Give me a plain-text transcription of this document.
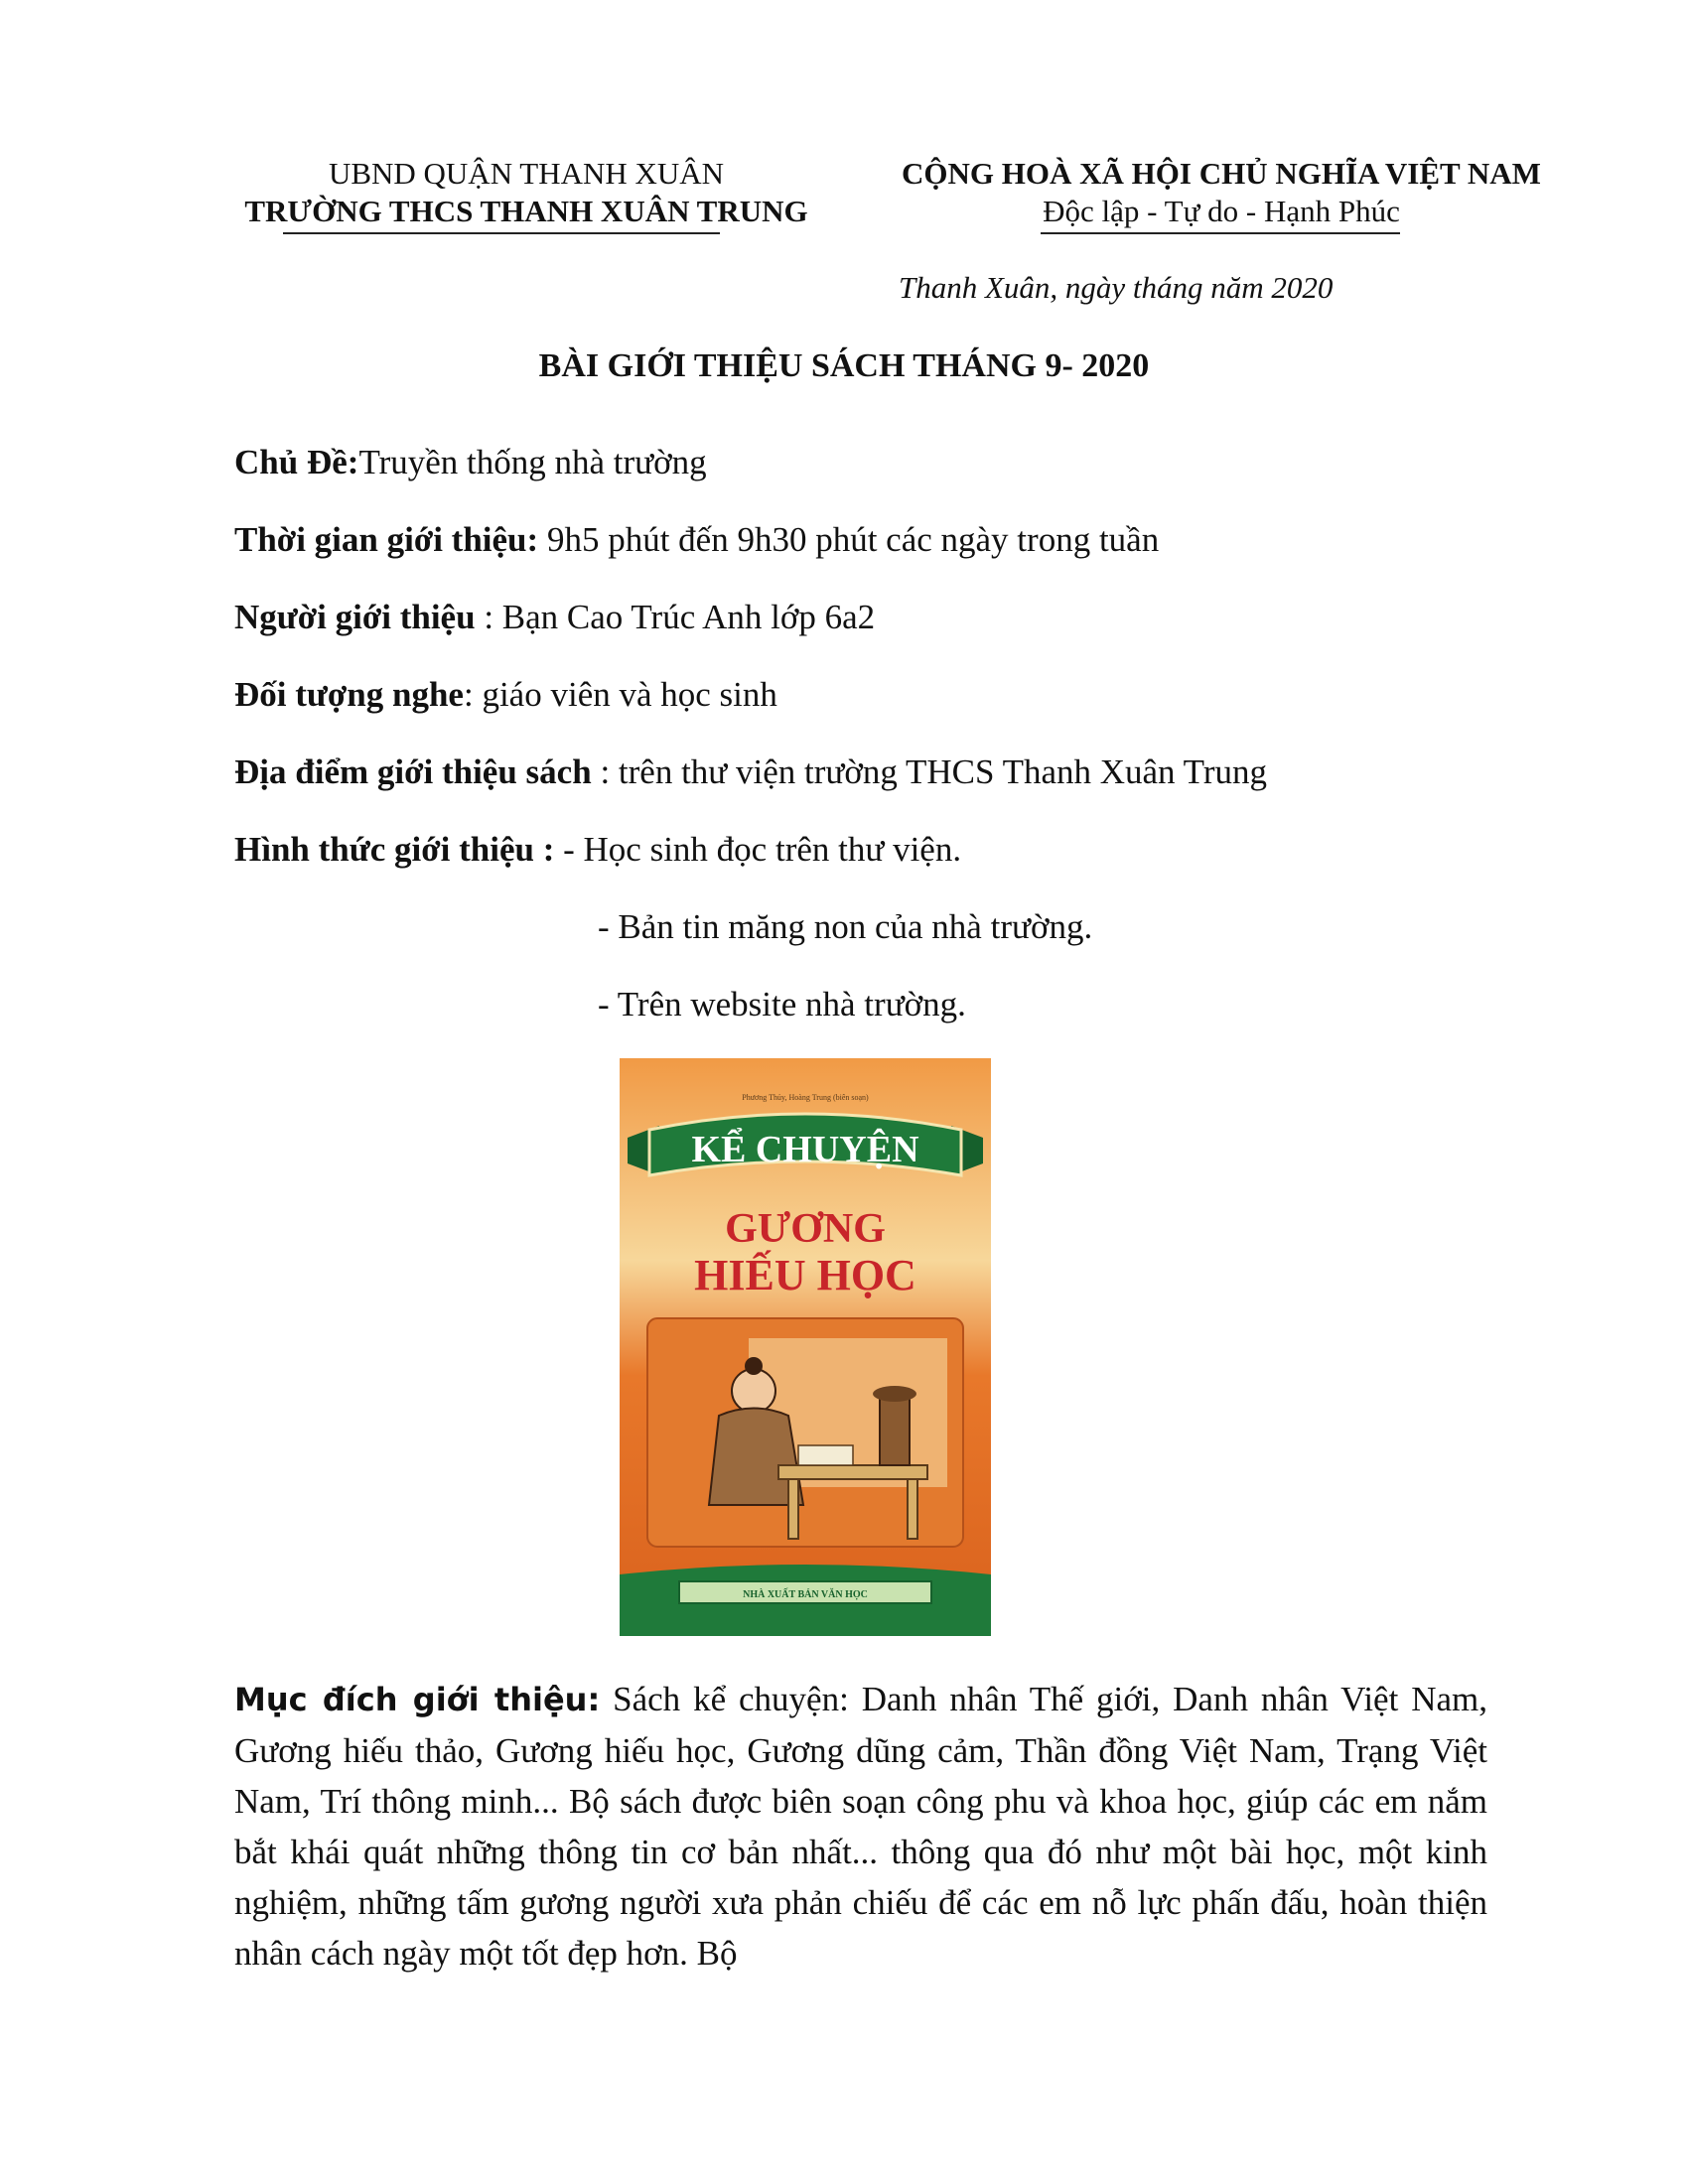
UBND QUẬN THANH XUÂN
TRƯỜNG THCS THANH XUÂN TRUNG
CỘNG HOÀ XÃ HỘI CHỦ NGHĨA VIỆT NAM
Độc lập - Tự do - Hạnh Phúc
Thanh Xuân, ngày tháng năm 2020
BÀI GIỚI THIỆU SÁCH THÁNG 9- 2020
Chủ Đề:Truyền thống nhà trường
Thời gian giới thiệu: 9h5 phút đến 9h30 phút các ngày trong tuần
Người giới thiệu : Bạn Cao Trúc Anh lớp 6a2
Đối tượng nghe: giáo viên và học sinh
Địa điểm giới thiệu sách : trên thư viện trường THCS Thanh Xuân Trung
Hình thức giới thiệu : - Học sinh đọc trên thư viện.
- Bản tin măng non của nhà trường.
- Trên website nhà trường.
Phương Thủy, Hoàng Trung (biên soạn)
KỂ CHUYỆN
GƯƠNG
HIẾU HỌC
NHÀ XUẤT BẢN VĂN HỌC
Mục đích giới thiệu: Sách kể chuyện: Danh nhân Thế giới, Danh nhân Việt Nam, Gương hiếu thảo, Gương hiếu học, Gương dũng cảm, Thần đồng Việt Nam, Trạng Việt Nam, Trí thông minh... Bộ sách được biên soạn công phu và khoa học, giúp các em nắm bắt khái quát những thông tin cơ bản nhất... thông qua đó như một bài học, một kinh nghiệm, những tấm gương người xưa phản chiếu để các em nỗ lực phấn đấu, hoàn thiện nhân cách ngày một tốt đẹp hơn. Bộ
